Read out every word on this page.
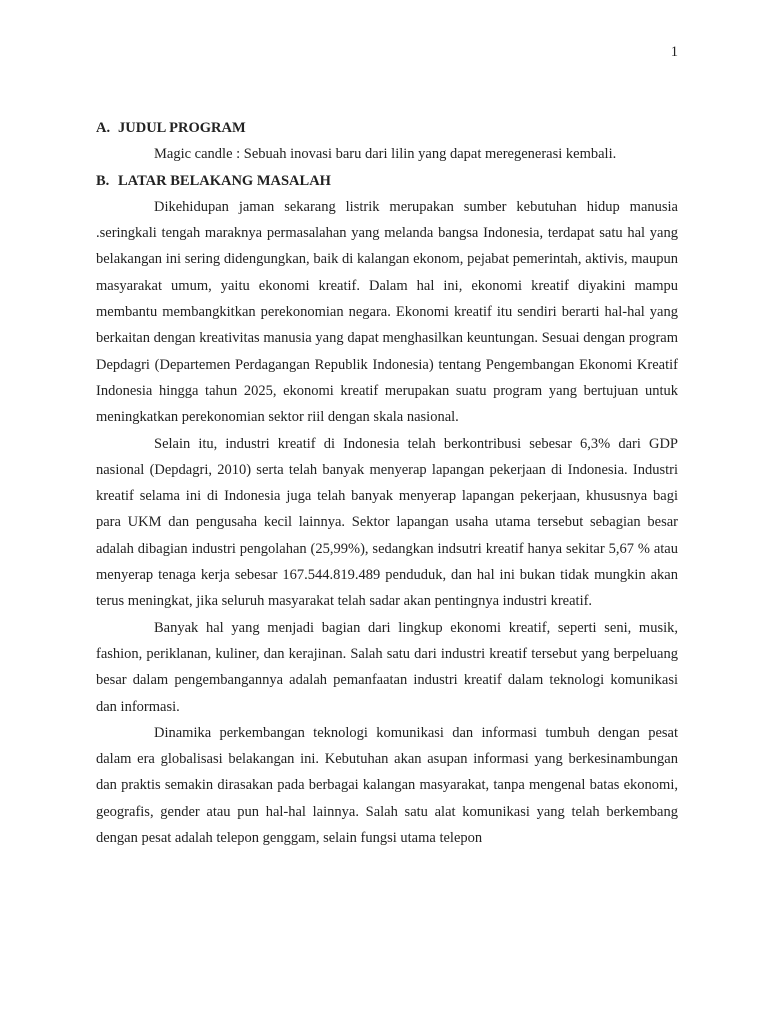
1

A. JUDUL PROGRAM

Magic candle : Sebuah inovasi baru dari lilin yang dapat meregenerasi kembali.

B. LATAR BELAKANG MASALAH

Dikehidupan jaman sekarang listrik merupakan sumber kebutuhan hidup manusia .seringkali tengah maraknya permasalahan yang melanda bangsa Indonesia, terdapat satu hal yang belakangan ini sering didengungkan, baik di kalangan ekonom, pejabat pemerintah, aktivis, maupun masyarakat umum, yaitu ekonomi kreatif. Dalam hal ini, ekonomi kreatif diyakini mampu membantu membangkitkan perekonomian negara. Ekonomi kreatif itu sendiri berarti hal-hal yang berkaitan dengan kreativitas manusia yang dapat menghasilkan keuntungan. Sesuai dengan program Depdagri (Departemen Perdagangan Republik Indonesia) tentang Pengembangan Ekonomi Kreatif Indonesia hingga tahun 2025, ekonomi kreatif merupakan suatu program yang bertujuan untuk meningkatkan perekonomian sektor riil dengan skala nasional.

Selain itu, industri kreatif di Indonesia telah berkontribusi sebesar 6,3% dari GDP nasional (Depdagri, 2010) serta telah banyak menyerap lapangan pekerjaan di Indonesia. Industri kreatif selama ini di Indonesia juga telah banyak menyerap lapangan pekerjaan, khususnya bagi para UKM dan pengusaha kecil lainnya. Sektor lapangan usaha utama tersebut sebagian besar adalah dibagian industri pengolahan (25,99%), sedangkan indsutri kreatif hanya sekitar 5,67 % atau menyerap tenaga kerja sebesar 167.544.819.489 penduduk, dan hal ini bukan tidak mungkin akan terus meningkat, jika seluruh masyarakat telah sadar akan pentingnya industri kreatif.

Banyak hal yang menjadi bagian dari lingkup ekonomi kreatif, seperti seni, musik, fashion, periklanan, kuliner, dan kerajinan. Salah satu dari industri kreatif tersebut yang berpeluang besar dalam pengembangannya adalah pemanfaatan industri kreatif dalam teknologi komunikasi dan informasi.

Dinamika perkembangan teknologi komunikasi dan informasi tumbuh dengan pesat dalam era globalisasi belakangan ini. Kebutuhan akan asupan informasi yang berkesinambungan dan praktis semakin dirasakan pada berbagai kalangan masyarakat, tanpa mengenal batas ekonomi, geografis, gender atau pun hal-hal lainnya. Salah satu alat komunikasi yang telah berkembang dengan pesat adalah telepon genggam, selain fungsi utama telepon
